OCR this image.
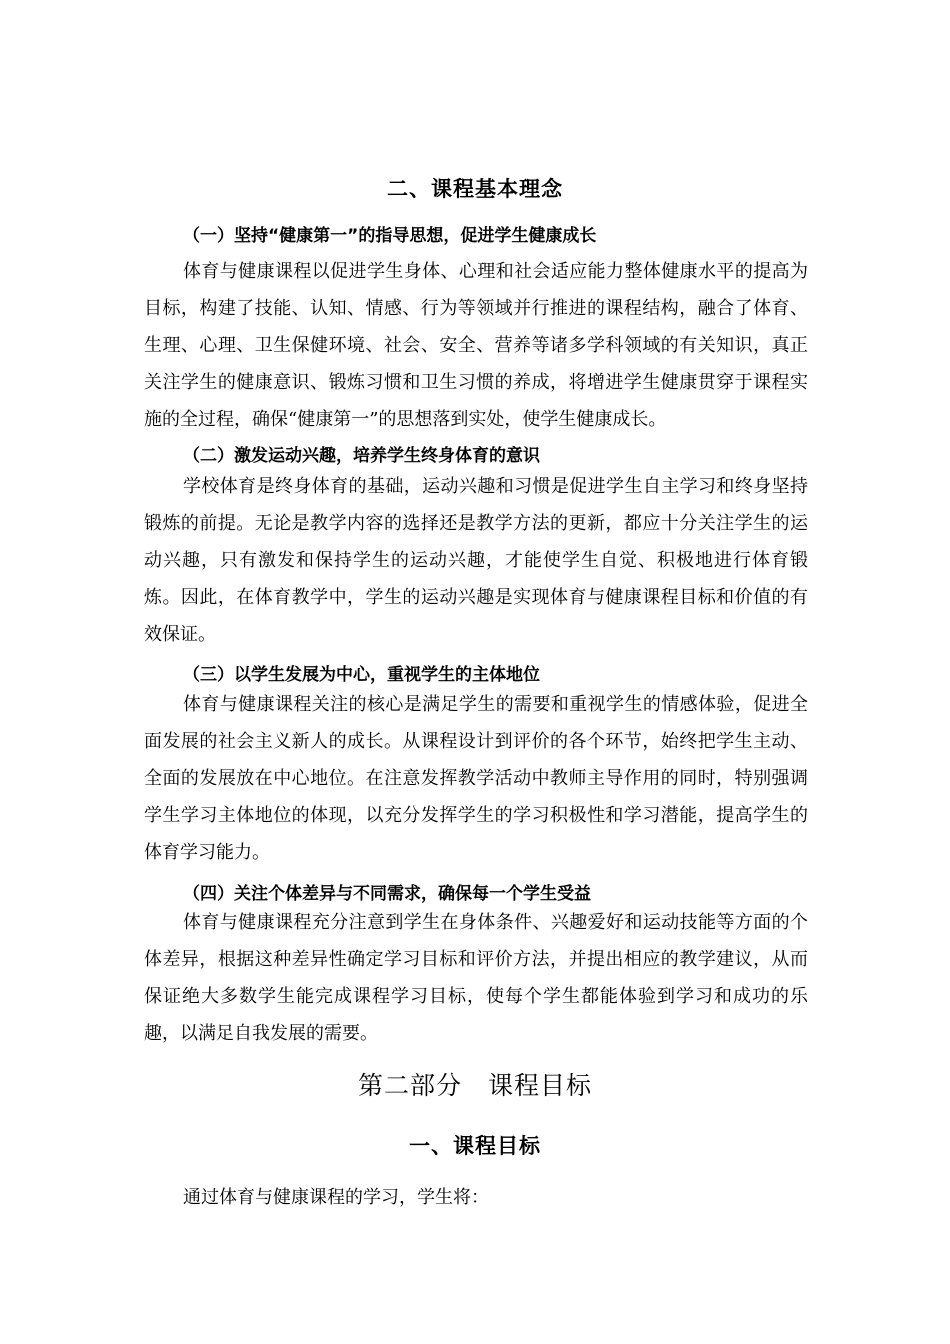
二、课程基本理念
（一）坚持“健康第一”的指导思想，促进学生健康成长
体育与健康课程以促进学生身体、心理和社会适应能力整体健康水平的提高为目标，构建了技能、认知、情感、行为等领域并行推进的课程结构，融合了体育、生理、心理、卫生保健环境、社会、安全、营养等诸多学科领域的有关知识，真正关注学生的健康意识、锻炼习惯和卫生习惯的养成，将增进学生健康贯穿于课程实施的全过程，确保“健康第一”的思想落到实处，使学生健康成长。
（二）激发运动兴趣，培养学生终身体育的意识
学校体育是终身体育的基础，运动兴趣和习惯是促进学生自主学习和终身坚持锻炼的前提。无论是教学内容的选择还是教学方法的更新，都应十分关注学生的运动兴趣，只有激发和保持学生的运动兴趣，才能使学生自觉、积极地进行体育锻炼。因此，在体育教学中，学生的运动兴趣是实现体育与健康课程目标和价值的有效保证。
（三）以学生发展为中心，重视学生的主体地位
体育与健康课程关注的核心是满足学生的需要和重视学生的情感体验，促进全面发展的社会主义新人的成长。从课程设计到评价的各个环节，始终把学生主动、全面的发展放在中心地位。在注意发挥教学活动中教师主导作用的同时，特别强调学生学习主体地位的体现，以充分发挥学生的学习积极性和学习潜能，提高学生的体育学习能力。
（四）关注个体差异与不同需求，确保每一个学生受益
体育与健康课程充分注意到学生在身体条件、兴趣爱好和运动技能等方面的个体差异，根据这种差异性确定学习目标和评价方法，并提出相应的教学建议，从而保证绝大多数学生能完成课程学习目标，使每个学生都能体验到学习和成功的乐趣，以满足自我发展的需要。
第二部分　课程目标
一、课程目标
通过体育与健康课程的学习，学生将：
